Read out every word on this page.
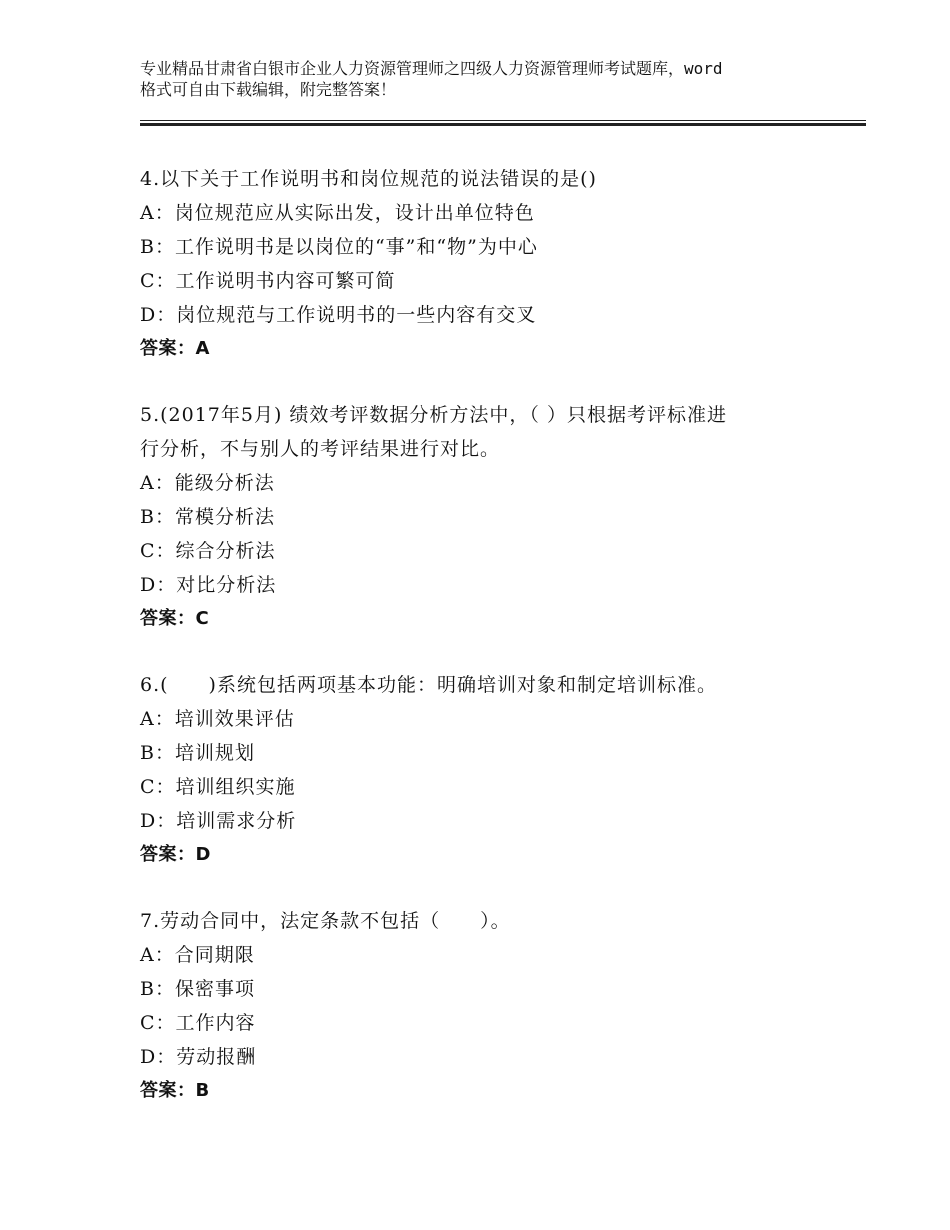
专业精品甘肃省白银市企业人力资源管理师之四级人力资源管理师考试题库，word
格式可自由下载编辑，附完整答案！
4.以下关于工作说明书和岗位规范的说法错误的是()
A：岗位规范应从实际出发，设计出单位特色
B：工作说明书是以岗位的“事”和“物”为中心
C：工作说明书内容可繁可简
D：岗位规范与工作说明书的一些内容有交叉
答案：A
5.(2017年5月) 绩效考评数据分析方法中，（ ）只根据考评标准进
行分析，不与别人的考评结果进行对比。
A：能级分析法
B：常模分析法
C：综合分析法
D：对比分析法
答案：C
6.(　　)系统包括两项基本功能：明确培训对象和制定培训标准。
A：培训效果评估
B：培训规划
C：培训组织实施
D：培训需求分析
答案：D
7.劳动合同中，法定条款不包括（　　）。
A：合同期限
B：保密事项
C：工作内容
D：劳动报酬
答案：B
